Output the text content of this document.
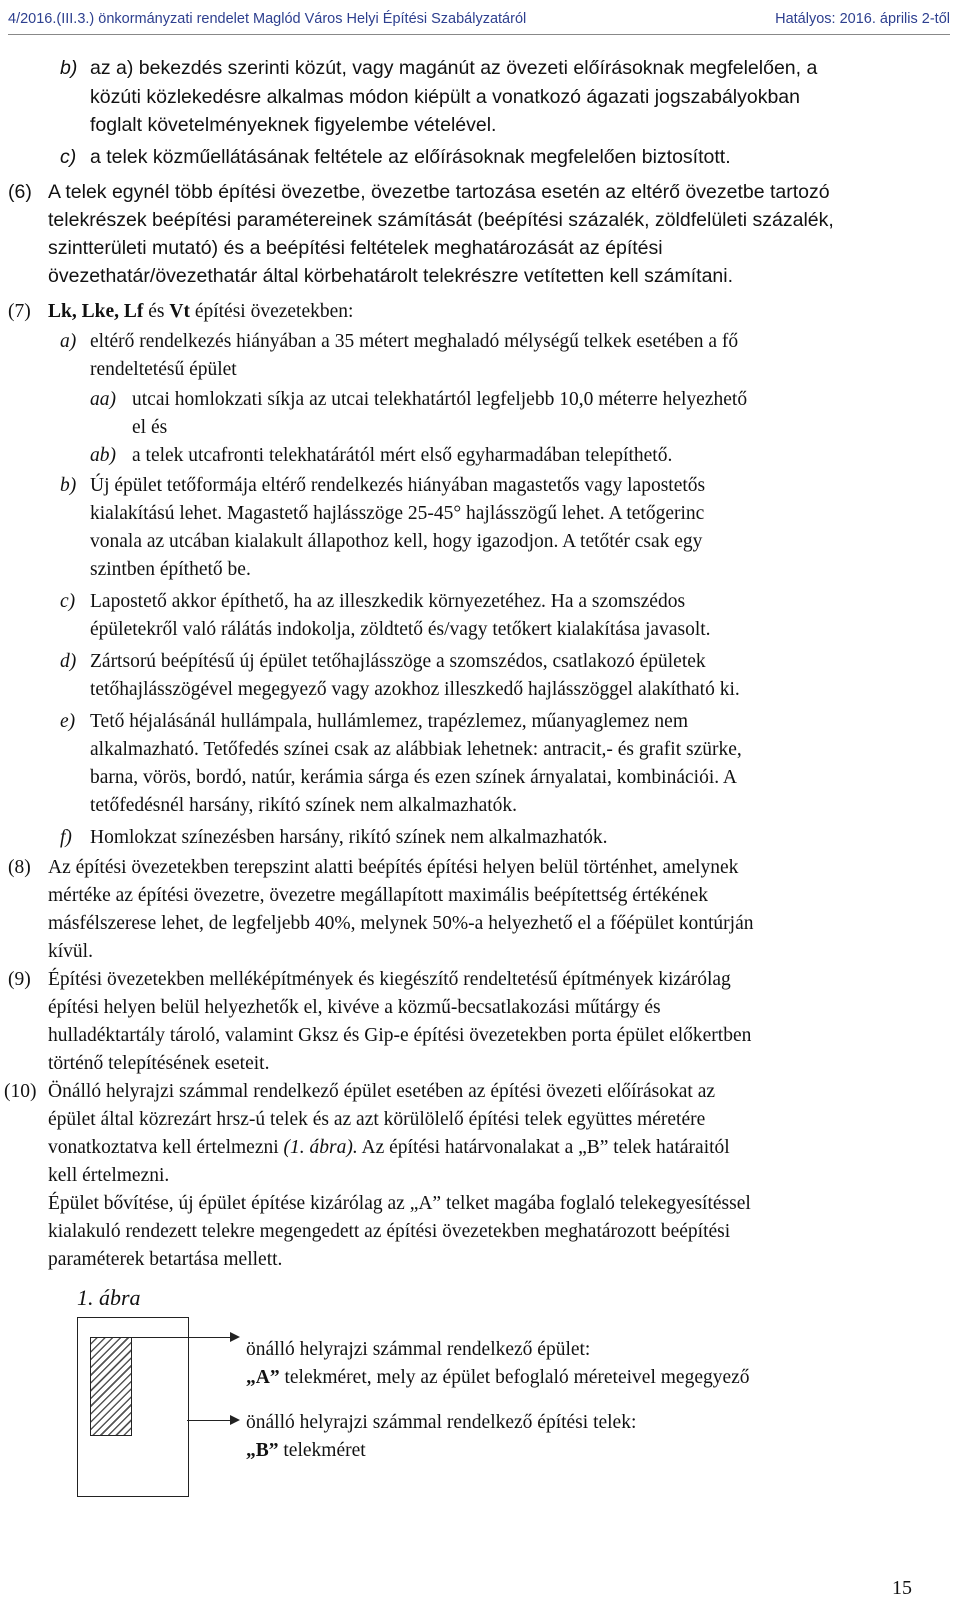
4/2016.(III.3.) önkormányzati rendelet Maglód Város Helyi Építési Szabályzatáról	Hatályos: 2016. április 2-től
b) az a) bekezdés szerinti közút, vagy magánút az övezeti előírásoknak megfelelően, a
közúti közlekedésre alkalmas módon kiépült a vonatkozó ágazati jogszabályokban
foglalt követelményeknek figyelembe vételével.
c) a telek közműellátásának feltétele az előírásoknak megfelelően biztosított.
(6) A telek egynél több építési övezetbe, övezetbe tartozása esetén az eltérő övezetbe tartozó
telekrészek beépítési paramétereinek számítását (beépítési százalék, zöldfelületi százalék,
szintterületi mutató) és a beépítési feltételek meghatározását az építési
övezethatár/övezethatár által körbehatárolt telekrészre vetítetten kell számítani.
(7) Lk, Lke, Lf és Vt építési övezetekben:
a) eltérő rendelkezés hiányában a 35 métert meghaladó mélységű telkek esetében a fő
rendeltetésű épület
aa) utcai homlokzati síkja az utcai telekhatártól legfeljebb 10,0 méterre helyezhető
el és
ab) a telek utcafronti telekhatárától mért első egyharmadában telepíthető.
b) Új épület tetőformája eltérő rendelkezés hiányában magastetős vagy lapostetős
kialakítású lehet. Magastető hajlásszöge 25-45° hajlásszögű lehet. A tetőgerinc
vonala az utcában kialakult állapothoz kell, hogy igazodjon. A tetőtér csak egy
szintben építhető be.
c) Lapostető akkor építhető, ha az illeszkedik környezetéhez. Ha a szomszédos
épületekről való rálátás indokolja, zöldtető és/vagy tetőkert kialakítása javasolt.
d) Zártsorú beépítésű új épület tetőhajlásszöge a szomszédos, csatlakozó épületek
tetőhajlásszögével megegyező vagy azokhoz illeszkedő hajlásszöggel alakítható ki.
e) Tető héjalásánál hullámpala, hullámlemez, trapézlemez, műanyaglemez nem
alkalmazható. Tetőfedés színei csak az alábbiak lehetnek: antracit,- és grafit szürke,
barna, vörös, bordó, natúr, kerámia sárga és ezen színek árnyalatai, kombinációi. A
tetőfedésnél harsány, rikító színek nem alkalmazhatók.
f) Homlokzat színezésben harsány, rikító színek nem alkalmazhatók.
(8) Az építési övezetekben terepszint alatti beépítés építési helyen belül történhet, amelynek
mértéke az építési övezetre, övezetre megállapított maximális beépítettség értékének
másfélszerese lehet, de legfeljebb 40%, melynek 50%-a helyezhető el a főépület kontúrján
kívül.
(9) Építési övezetekben melléképítmények és kiegészítő rendeltetésű építmények kizárólag
építési helyen belül helyezhetők el, kivéve a közmű-becsatlakozási műtárgy és
hulladéktartály tároló, valamint Gksz és Gip-e építési övezetekben porta épület előkertben
történő telepítésének eseteit.
(10) Önálló helyrajzi számmal rendelkező épület esetében az építési övezeti előírásokat az
épület által közrezárt hrsz-ú telek és az azt körülölelő építési telek együttes méretére
vonatkoztatva kell értelmezni (1. ábra). Az építési határvonalakat a „B” telek határaitól
kell értelmezni.
Épület bővítése, új épület építése kizárólag az „A” telket magába foglaló telekegyesítéssel
kialakuló rendezett telekre megengedett az építési övezetekben meghatározott beépítési
paraméterek betartása mellett.
1. ábra
önálló helyrajzi számmal rendelkező épület:
„A” telekméret, mely az épület befoglaló méreteivel megegyező
önálló helyrajzi számmal rendelkező építési telek:
„B” telekméret
15
